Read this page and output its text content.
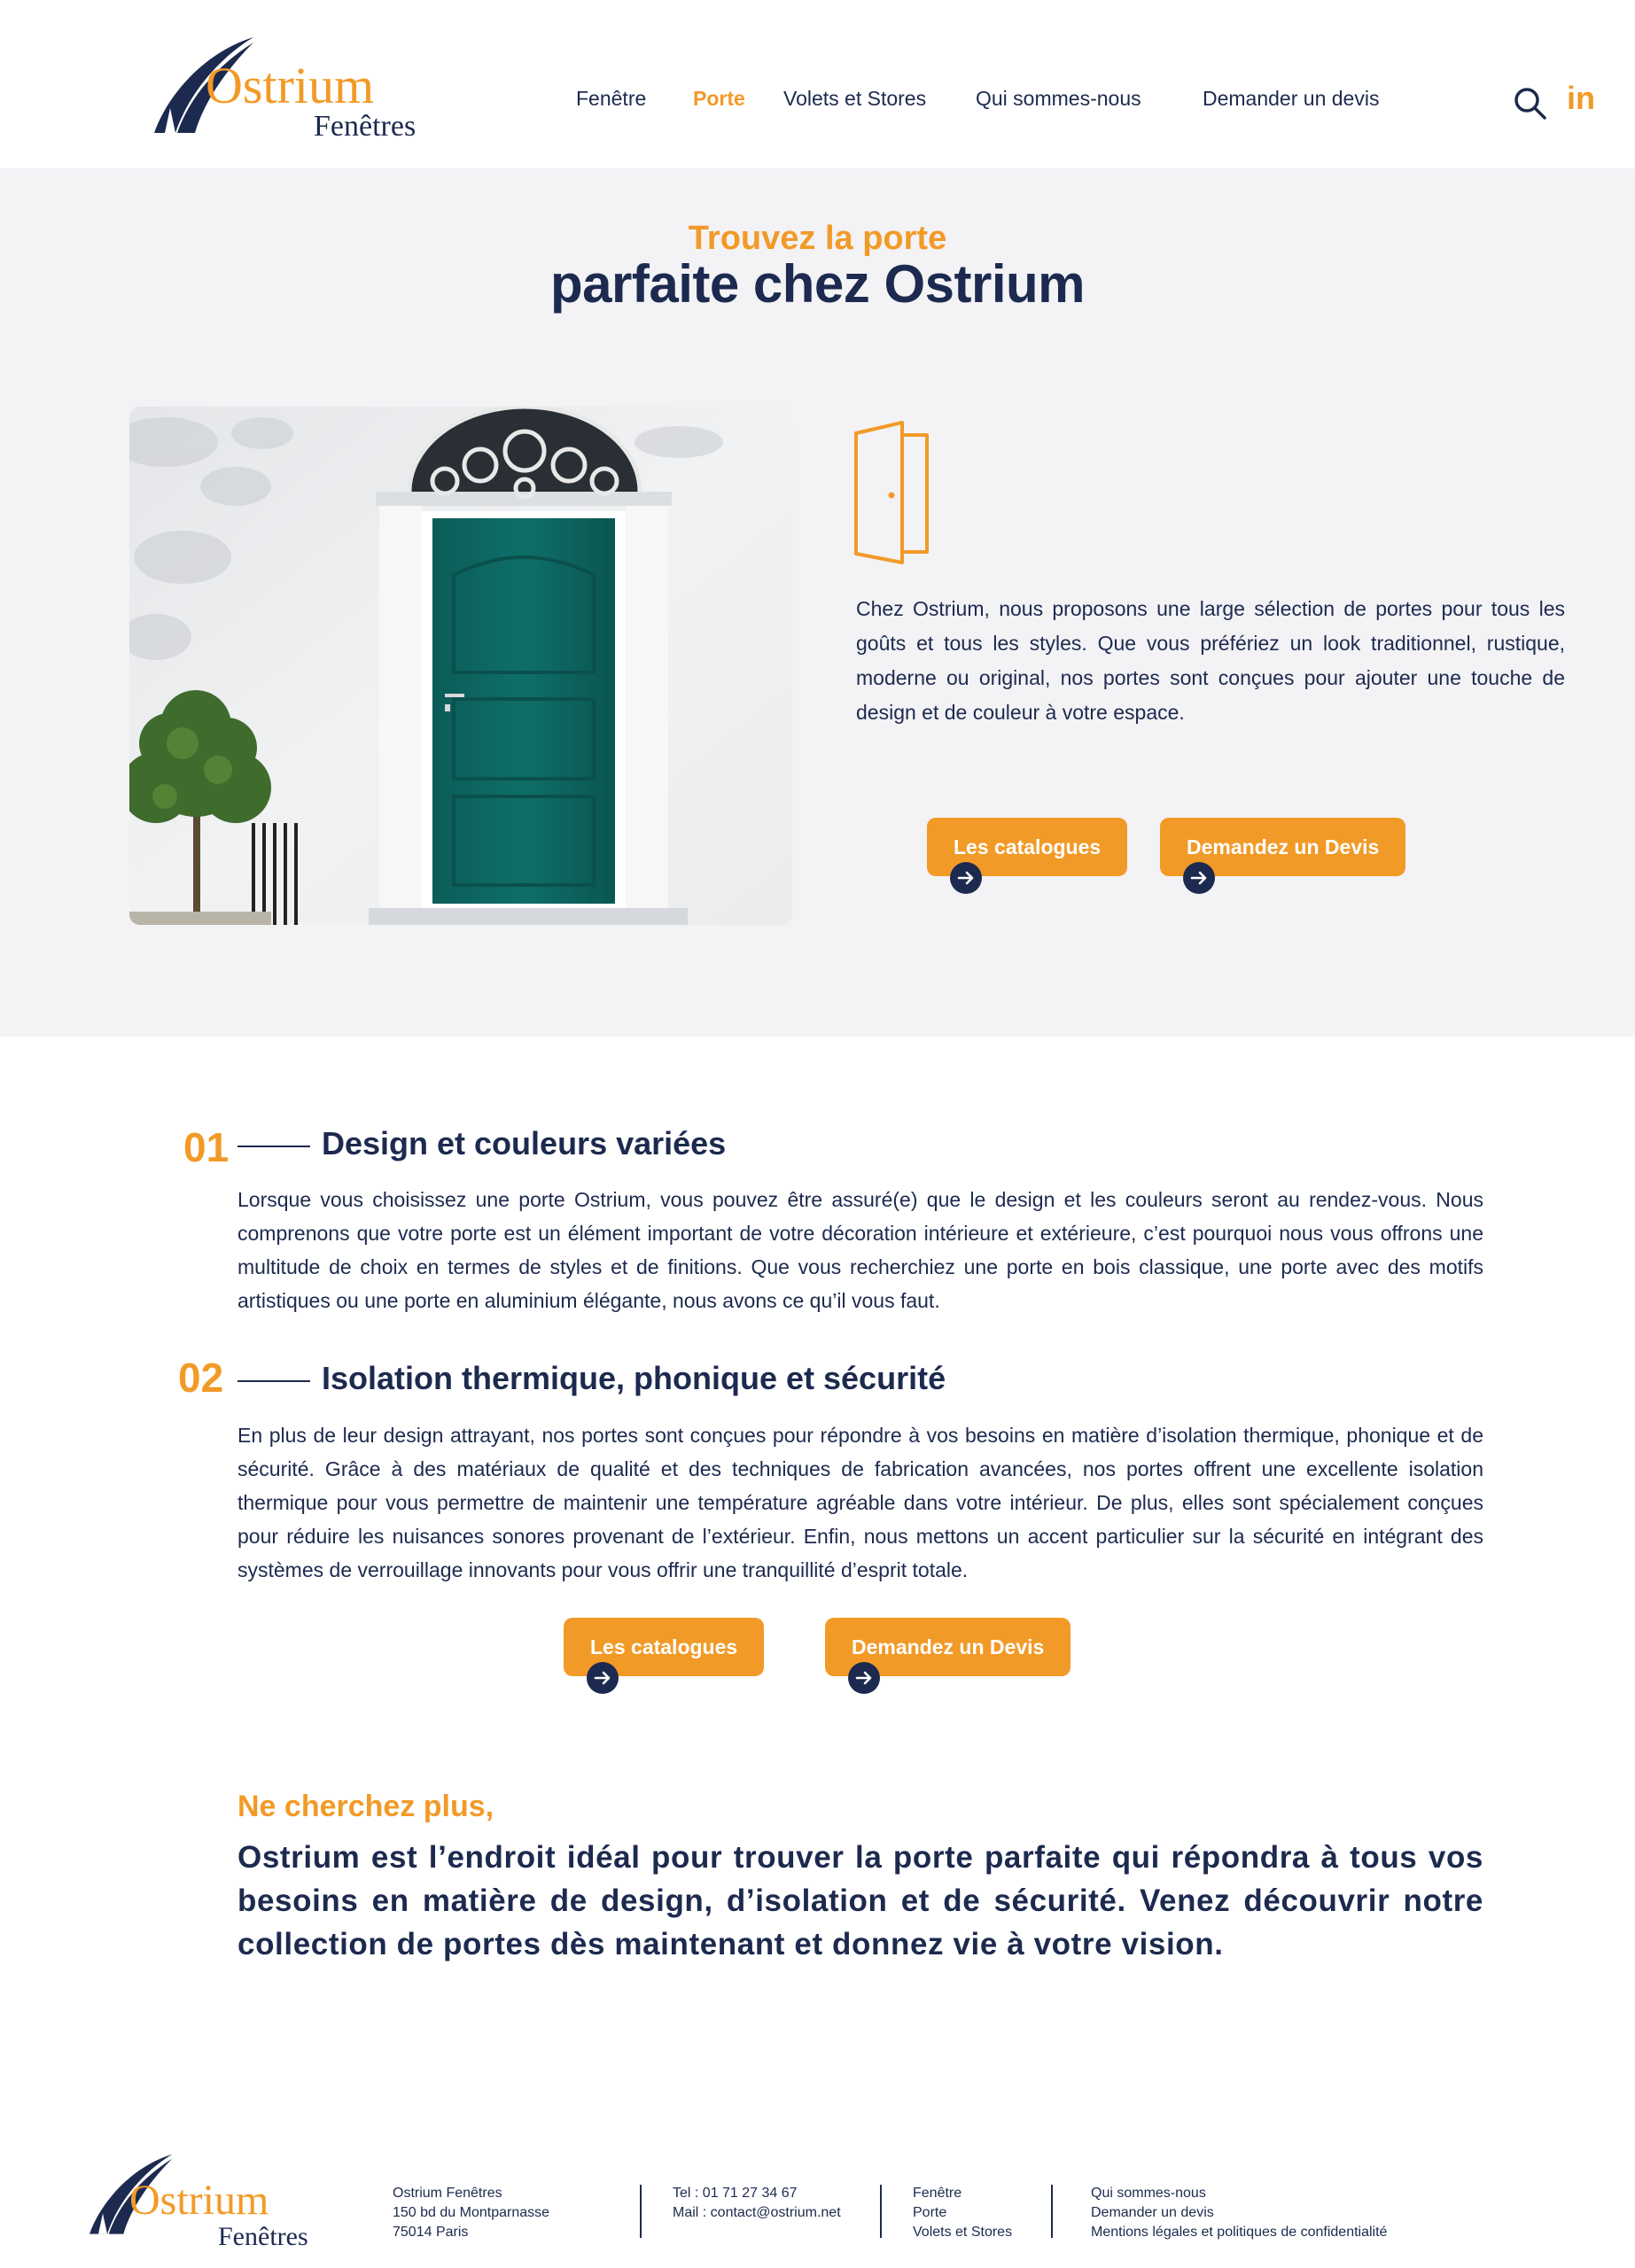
Ostrium
Fenêtres
Fenêtre Porte Volets et Stores Qui sommes-nous	Demander un devis	in
Trouvez la porte
parfaite chez Ostrium

Chez Ostrium, nous proposons une large sélection de portes pour tous les goûts et tous les styles. Que vous préfériez un look traditionnel, rustique, moderne ou original, nos portes sont conçues pour ajouter une touche de design et de couleur à votre espace.

Les catalogues	Demandez un Devis
01	Design et couleurs variées

Lorsque vous choisissez une porte Ostrium, vous pouvez être assuré(e) que le design et les couleurs seront au rendez-vous. Nous comprenons que votre porte est un élément important de votre décoration intérieure et extérieure, c’est pourquoi nous vous offrons une multitude de choix en termes de styles et de finitions. Que vous recherchiez une porte en bois classique, une porte avec des motifs artistiques ou une porte en aluminium élégante, nous avons ce qu’il vous faut.

02	Isolation thermique, phonique et sécurité

En plus de leur design attrayant, nos portes sont conçues pour répondre à vos besoins en matière d’isolation thermique, phonique et de sécurité. Grâce à des matériaux de qualité et des techniques de fabrication avancées, nos portes offrent une excellente isolation thermique pour vous permettre de maintenir une température agréable dans votre intérieur. De plus, elles sont spécialement conçues pour réduire les nuisances sonores provenant de l’extérieur. Enfin, nous mettons un accent particulier sur la sécurité en intégrant des systèmes de verrouillage innovants pour vous offrir une tranquillité d’esprit totale.

Les catalogues	Demandez un Devis
Ne cherchez plus,

Ostrium est l’endroit idéal pour trouver la porte parfaite qui répondra à tous vos besoins en matière de design, d’isolation et de sécurité. Venez découvrir notre collection de portes dès maintenant et donnez vie à votre vision.

Ostrium
Fenêtres
Ostrium Fenêtres
150 bd du Montparnasse
75014 Paris
Tel : 01 71 27 34 67
Mail : contact@ostrium.net
Fenêtre
Porte
Volets et Stores
Qui sommes-nous
Demander un devis
Mentions légales et politiques de confidentialité
